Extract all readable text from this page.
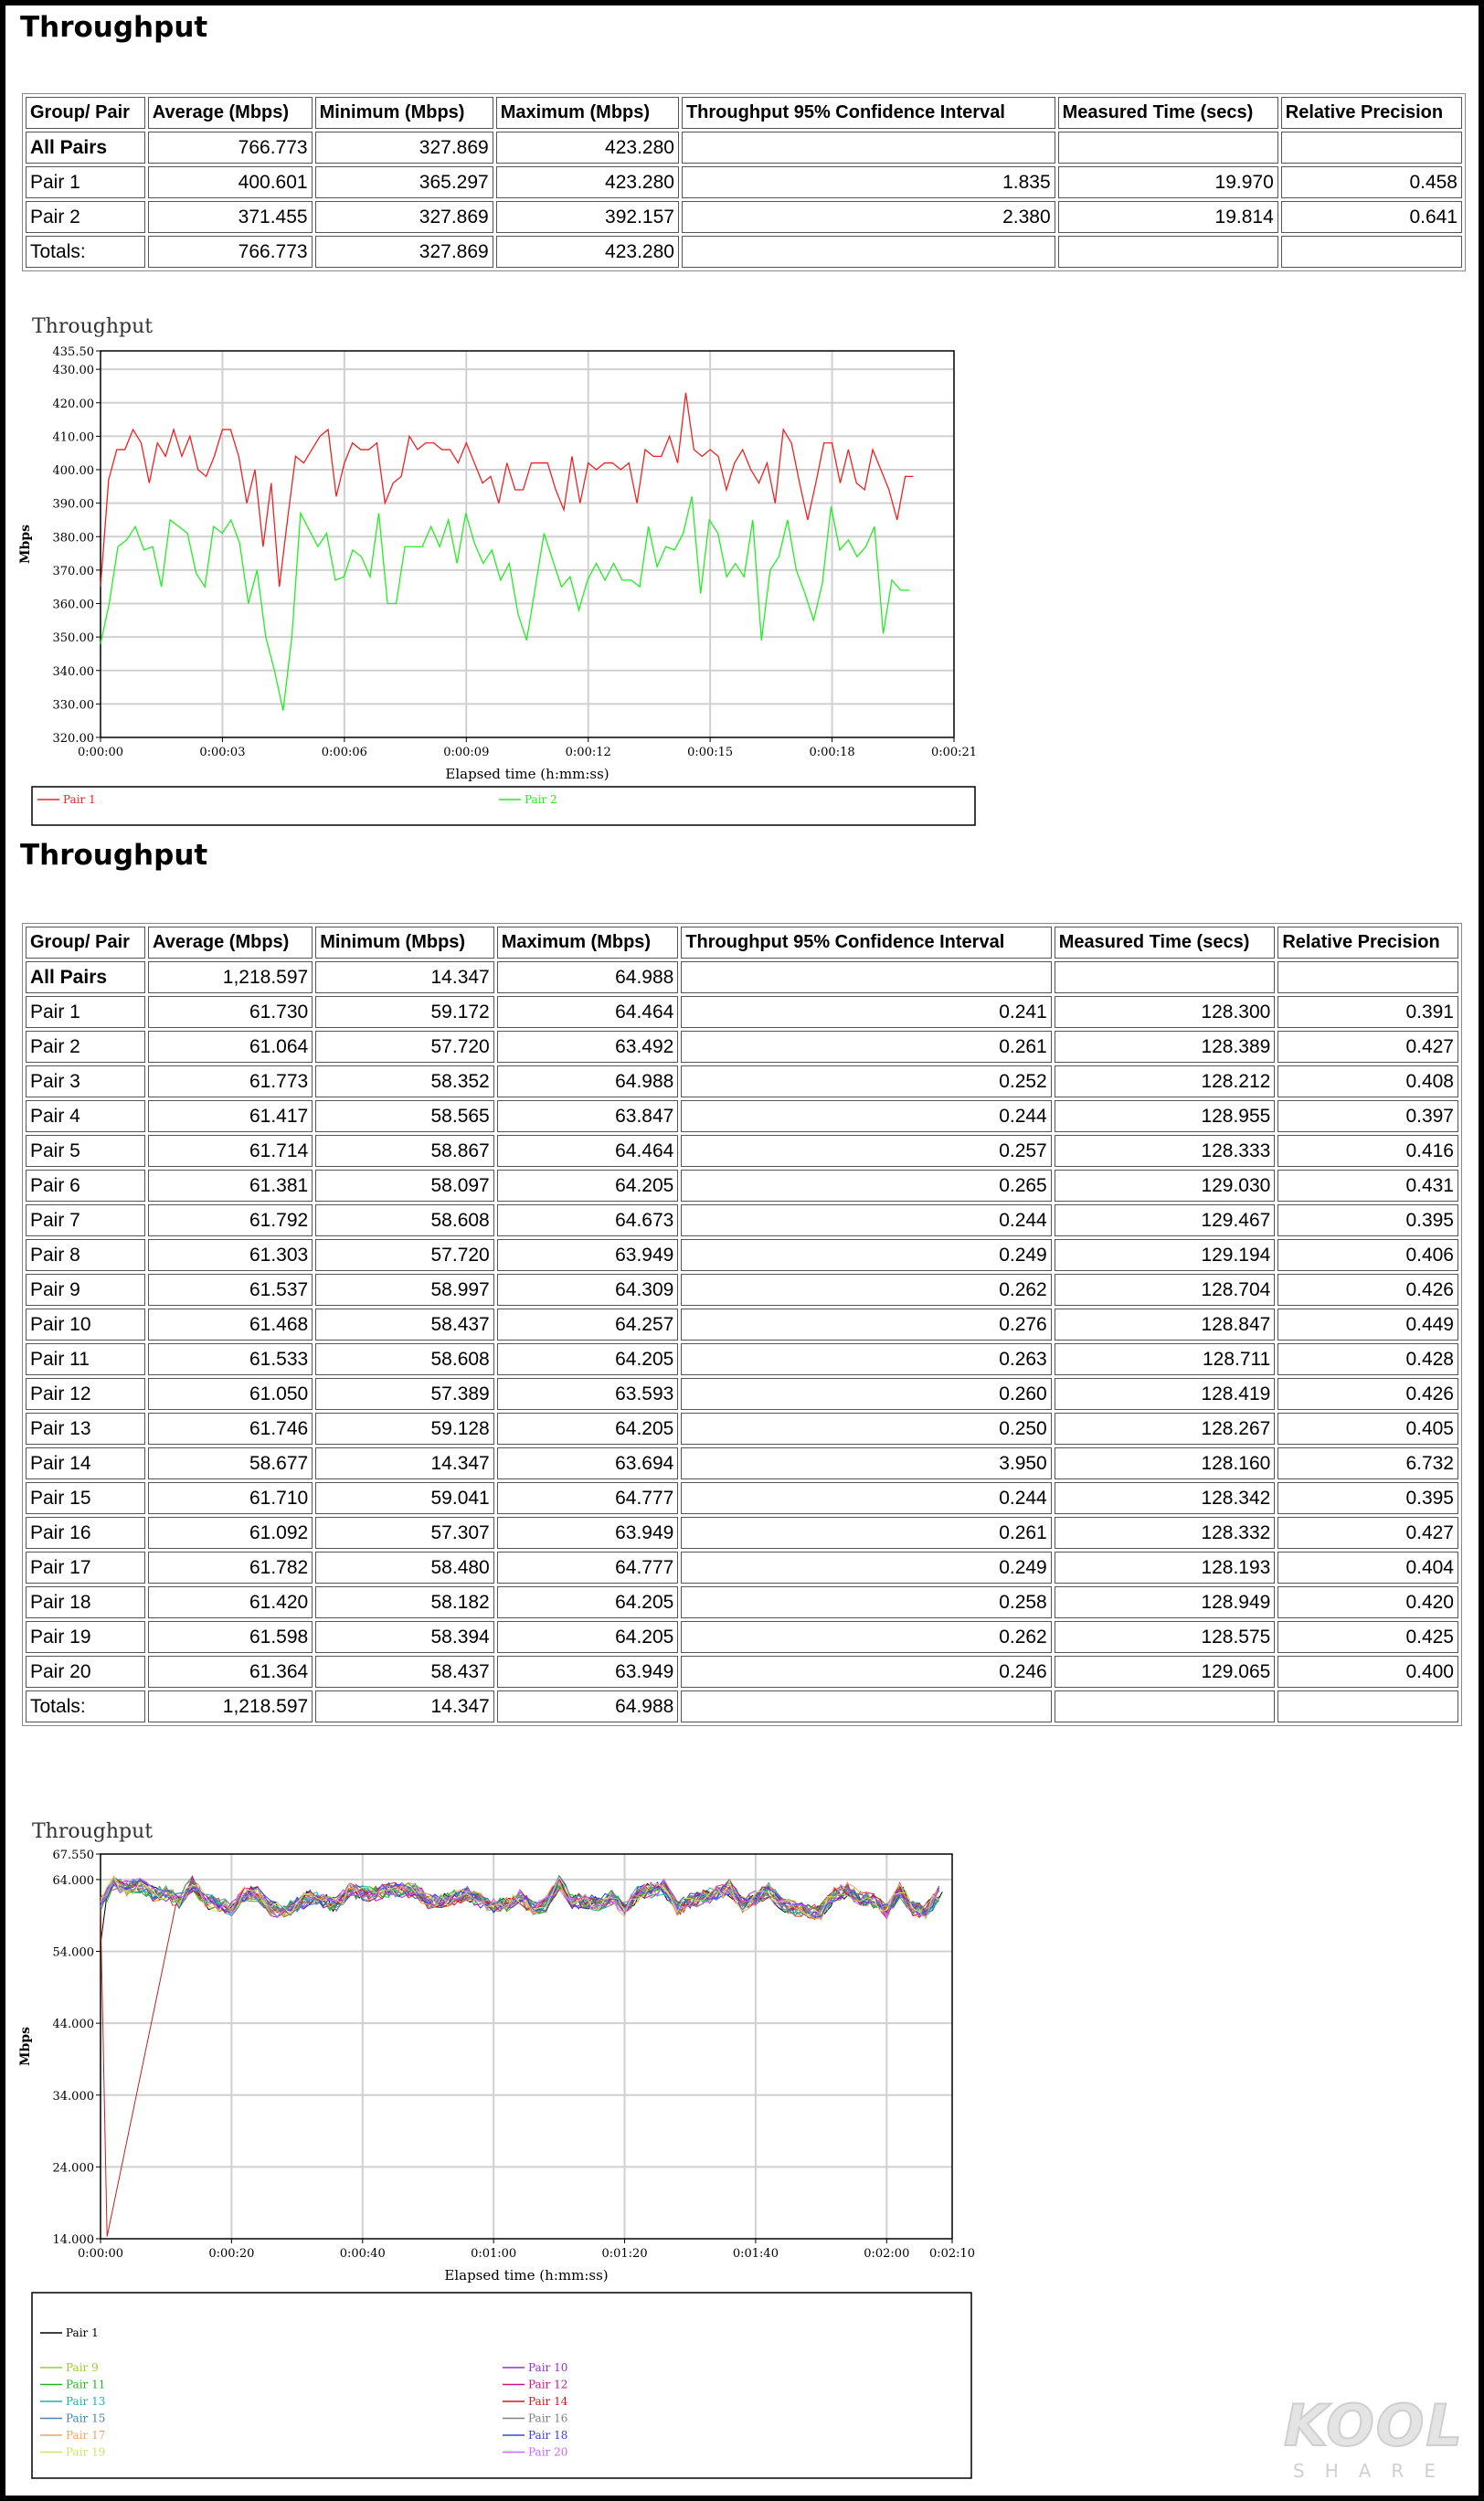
Throughput
Group/ Pair	Average (Mbps)	Minimum (Mbps)	Maximum (Mbps)	Throughput 95% Confidence Interval	Measured Time (secs)	Relative Precision
All Pairs	766.773	327.869	423.280			
Pair 1	400.601	365.297	423.280	1.835	19.970	0.458
Pair 2	371.455	327.869	392.157	2.380	19.814	0.641
Totals:	766.773	327.869	423.280			
Throughput
320.00
330.00
340.00
350.00
360.00
370.00
380.00
390.00
400.00
410.00
420.00
430.00
435.50
0:00:00	0:00:03	0:00:06	0:00:09	0:00:12	0:00:15	0:00:18	0:00:21
Elapsed time (h:mm:ss)
Mbps
Pair 1	Pair 2
Throughput
Group/ Pair	Average (Mbps)	Minimum (Mbps)	Maximum (Mbps)	Throughput 95% Confidence Interval	Measured Time (secs)	Relative Precision
All Pairs	1,218.597	14.347	64.988			
Pair 1	61.730	59.172	64.464	0.241	128.300	0.391
Pair 2	61.064	57.720	63.492	0.261	128.389	0.427
Pair 3	61.773	58.352	64.988	0.252	128.212	0.408
Pair 4	61.417	58.565	63.847	0.244	128.955	0.397
Pair 5	61.714	58.867	64.464	0.257	128.333	0.416
Pair 6	61.381	58.097	64.205	0.265	129.030	0.431
Pair 7	61.792	58.608	64.673	0.244	129.467	0.395
Pair 8	61.303	57.720	63.949	0.249	129.194	0.406
Pair 9	61.537	58.997	64.309	0.262	128.704	0.426
Pair 10	61.468	58.437	64.257	0.276	128.847	0.449
Pair 11	61.533	58.608	64.205	0.263	128.711	0.428
Pair 12	61.050	57.389	63.593	0.260	128.419	0.426
Pair 13	61.746	59.128	64.205	0.250	128.267	0.405
Pair 14	58.677	14.347	63.694	3.950	128.160	6.732
Pair 15	61.710	59.041	64.777	0.244	128.342	0.395
Pair 16	61.092	57.307	63.949	0.261	128.332	0.427
Pair 17	61.782	58.480	64.777	0.249	128.193	0.404
Pair 18	61.420	58.182	64.205	0.258	128.949	0.420
Pair 19	61.598	58.394	64.205	0.262	128.575	0.425
Pair 20	61.364	58.437	63.949	0.246	129.065	0.400
Totals:	1,218.597	14.347	64.988			
Throughput
14.000
24.000
34.000
44.000
54.000
64.000
67.550
0:00:00	0:00:20	0:00:40	0:01:00	0:01:20	0:01:40	0:02:00 0:02:10
Elapsed time (h:mm:ss)
Mbps
Pair 1
Pair 9	Pair 10
Pair 11	Pair 12
Pair 13	Pair 14
Pair 15	Pair 16
Pair 17	Pair 18
Pair 19	Pair 20	KOOL
SHARE
